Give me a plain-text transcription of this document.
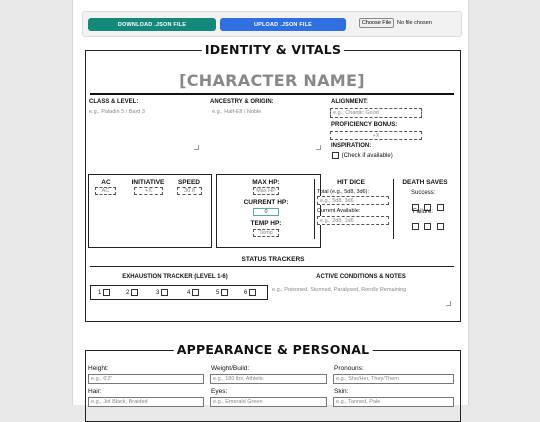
DOWNLOAD .JSON FILE	UPLOAD .JSON FILE	Choose File	No file chosen
IDENTITY & VITALS
[CHARACTER NAME]
CLASS & LEVEL:
e.g., Paladin 5 / Bard 3
ANCESTRY & ORIGIN:
e.g., Half-Elf / Noble
ALIGNMENT:
e.g., Chaotic Good
PROFICIENCY BONUS:
+X
INSPIRATION:
(Check if available)
AC
AC
INITIATIVE
+X
SPEED
30 ft
MAX HP:
Max HP
CURRENT HP:
0
TEMP HP:
Temp
HIT DICE
Total (e.g., 5d8, 3d6):
e.g., 5d8, 3d6
Current Available:
e.g., 2d8, 1d6
DEATH SAVES
Success:

Failure:

STATUS TRACKERS
EXHAUSTION TRACKER (LEVEL 1-6)
1
	2
	3
	4
	5
	6

ACTIVE CONDITIONS & NOTES
e.g., Poisoned, Stunned, Paralysed, Rerolls Remaining
APPEARANCE & PERSONAL
Height:
e.g., 6'2"
Weight/Build:
e.g., 180 lbs, Athletic
Pronouns:
e.g., She/Her, They/Them
Hair:
e.g., Jet Black, Braided
Eyes:
e.g., Emerald Green
Skin:
e.g., Tanned, Pale
